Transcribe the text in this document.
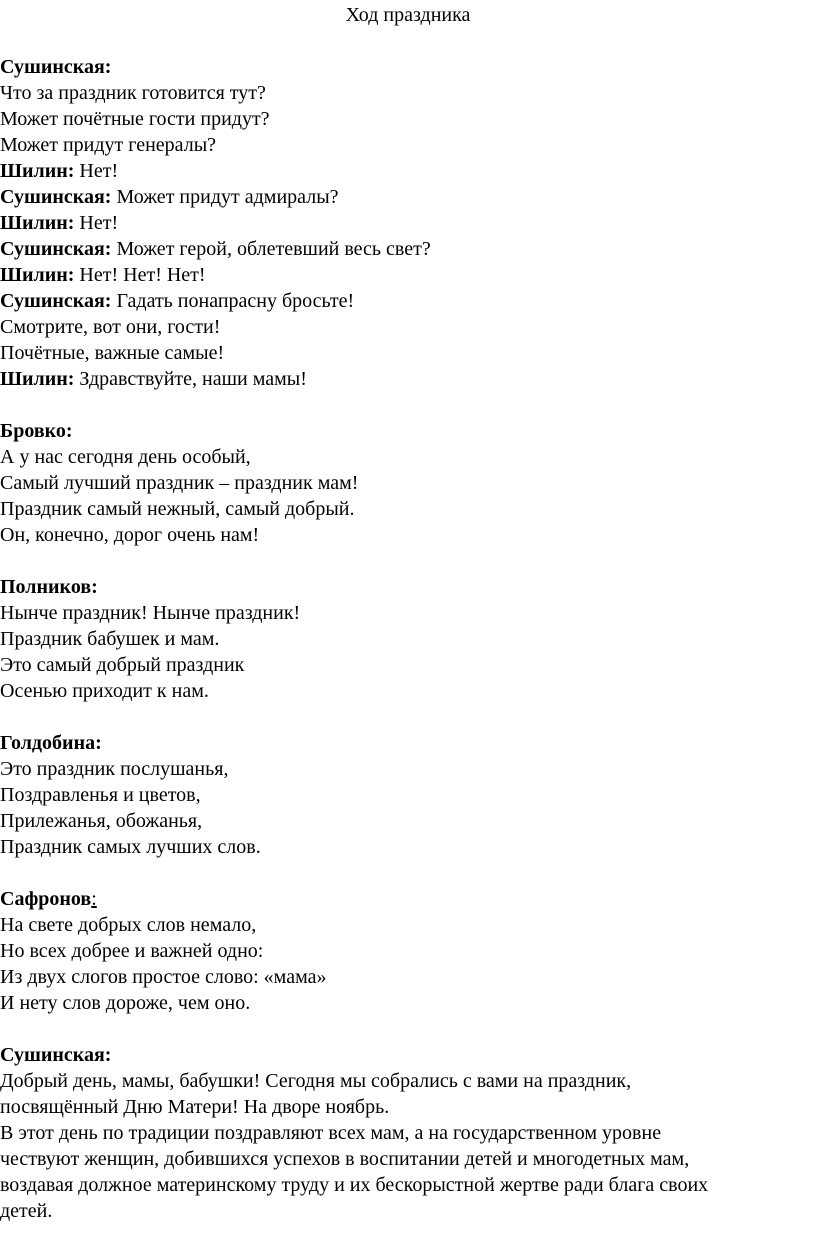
Ход праздника
Сушинская:
Что за праздник готовится тут?
Может почётные гости придут?
Может придут генералы?
Шилин: Нет!
Сушинская: Может придут адмиралы?
Шилин: Нет!
Сушинская: Может герой, облетевший весь свет?
Шилин: Нет! Нет! Нет!
Сушинская: Гадать понапрасну бросьте!
Смотрите, вот они, гости!
Почётные, важные самые!
Шилин: Здравствуйте, наши мамы!
Бровко:
А у нас сегодня день особый,
Самый лучший праздник – праздник мам!
Праздник самый нежный, самый добрый.
Он, конечно, дорог очень нам!
Полников:
Нынче праздник! Нынче праздник!
Праздник бабушек и мам.
Это самый добрый праздник
Осенью приходит к нам.
Голдобина:
Это праздник послушанья,
Поздравленья и цветов,
Прилежанья, обожанья,
Праздник самых лучших слов.
Сафронов:
На свете добрых слов немало,
Но всех добрее и важней одно:
Из двух слогов простое слово: «мама»
И нету слов дороже, чем оно.
Сушинская:
Добрый день, мамы, бабушки! Сегодня мы собрались с вами на праздник,
посвящённый Дню Матери! На дворе ноябрь.
В этот день по традиции поздравляют всех мам, а на государственном уровне
чествуют женщин, добившихся успехов в воспитании детей и многодетных мам,
воздавая должное материнскому труду и их бескорыстной жертве ради блага своих
детей.
